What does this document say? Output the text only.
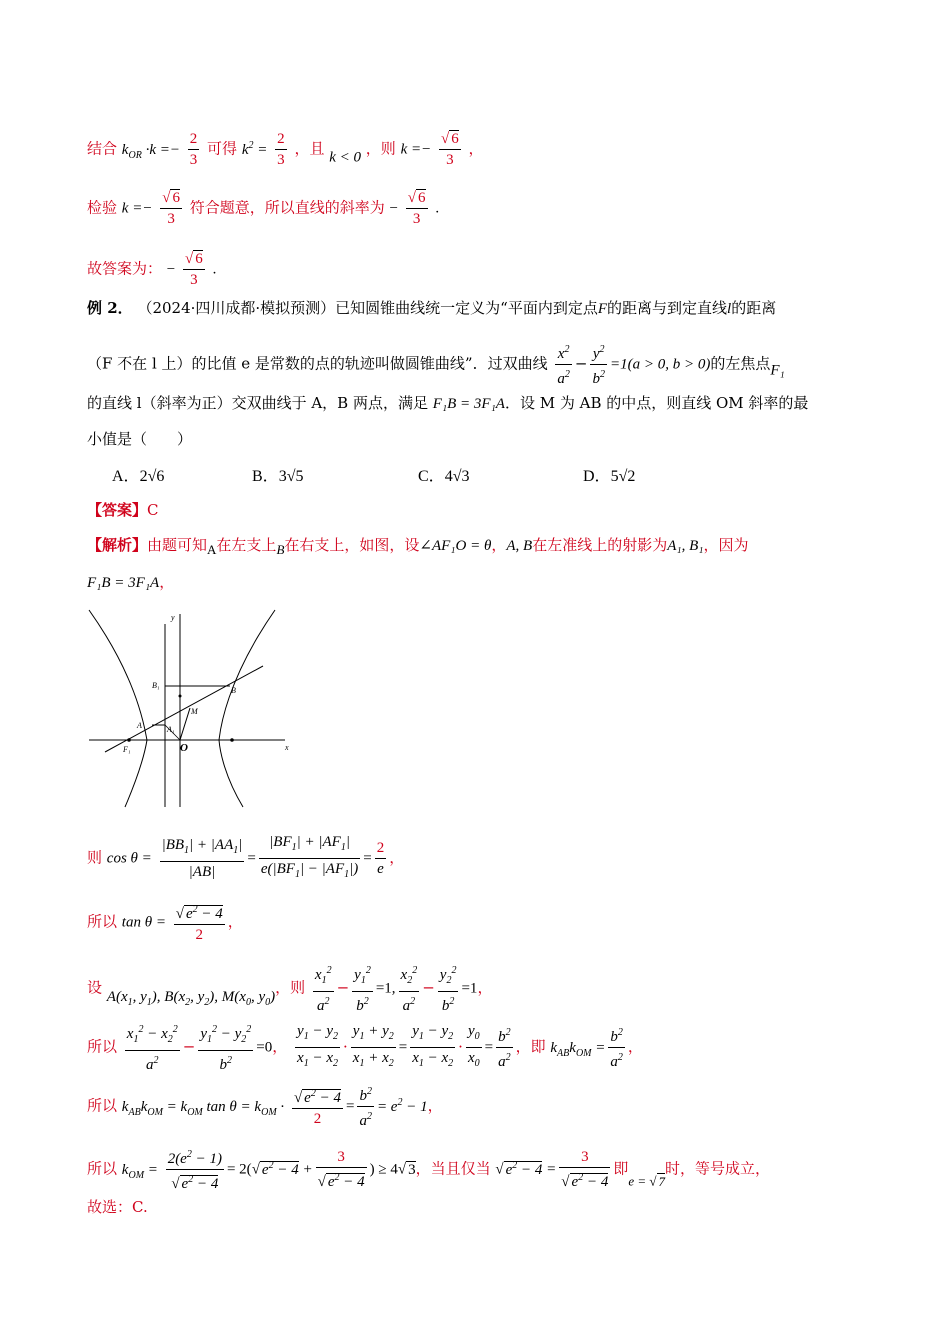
结合 $k_{OR} \cdot k =- \frac{2}{3}$ 可得 $k^2 = \frac{2}{3}$ ，且 k < 0 ，则 $k =- \frac{√ 6}{3}$ ，
检验 $k =- \frac{√ 6}{3}$ 符合题意，所以直线的斜率为 − $\frac{√ 6}{3}$ .
故答案为： − $\frac{√ 6}{3}$ .
例 2． （2024·四川成都·模拟预测）已知圆锥曲线统一定义为“平面内到定点F的距离与到定直线l的距离
（F 不在 l 上）的比值 e 是常数的点的轨迹叫做圆锥曲线”．过双曲线 $\frac{x^2}{a^2} - \frac{y^2}{b^2} =1(a > 0$, b > 0)的左焦点F₁
的直线 l（斜率为正）交双曲线于 A，B 两点，满足 F₁B = 3F₁A．设 M 为 AB 的中点，则直线 OM 斜率的最
小值是（　　）
A．2√6	B．3√5	C．4√3	D．5√2
【答案】C
【解析】由题可知A在左支上B在右支上，如图，设∠AF₁O = θ，A, B在左准线上的射影为A₁, B₁，因为
F₁B = 3F₁A，
y
x
O
A
B
M
A₁
B₁
F₁
则 $\cos \theta = \frac{|BB_1| + |AA_1|}{|AB|} = \frac{|BF_1| + |AF_1|}{e(|BF_1| - |AF_1|)} = \frac{2}{e}$ ，
所以 $\tan \theta = \frac{√ e^2 - 4}{2}$ ，
设 $A(x_1$, $y_1$), $B(x_2$, $y_2$), $M(x_0$, $y_0$)，则 $\frac{x_1^2}{a^2} - \frac{y_1^2}{b^2} =1$, $\frac{x_2^2}{a^2} - \frac{y_2^2}{b^2} =1$，
所以 $\frac{x_1^2 - x_2^2}{a^2} - \frac{y_1^2 - y_2^2}{b^2} =0$， $\frac{y_1 - y_2}{x_1 - x_2} \cdot \frac{y_1 + y_2}{x_1 + x_2} = \frac{y_1 - y_2}{x_1 - x_2} \cdot \frac{y_0}{x_0} = \frac{b^2}{a^2}$ ，即 $k_{AB}k_{OM} = \frac{b^2}{a^2}$ ，
所以 $k_{AB}k_{OM} = k_{OM}$ $\tan \theta = k_{OM} \cdot \frac{√ e^2 - 4}{2} = \frac{b^2}{a^2} = e^2 - 1$，
所以 $k_{OM} = \frac{2(e^2 - 1)}{√ e^2 - 4} = 2(√$ $e^2 - 4 + \frac{3}{√ e^2 - 4}$ ) ≥ 4√ 3，当且仅当 √ $e^2 - 4 = \frac{3}{√ e^2 - 4}$ 即e = √ 7时，等号成立，
故选：C.
